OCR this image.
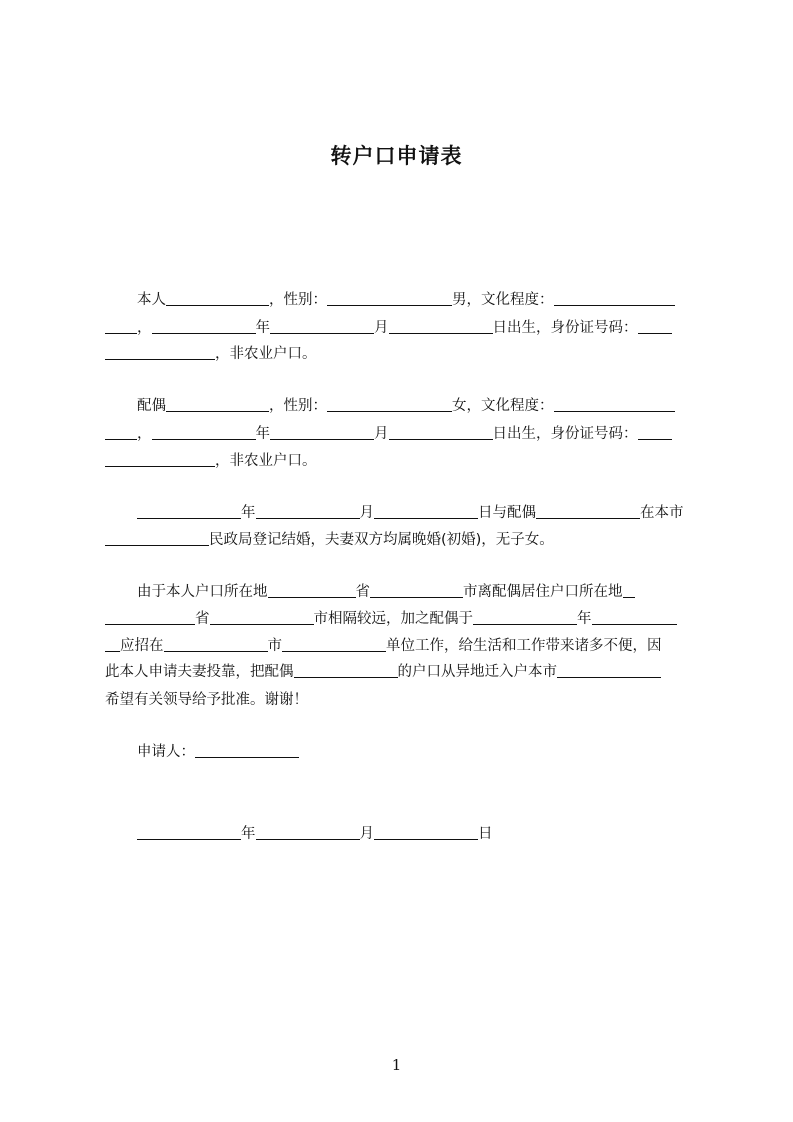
转户口申请表
本人	，性别：	男，文化程度：
，	年	月	日出生，身份证号码：
，非农业户口。
配偶	，性别：	女，文化程度：
，	年	月	日出生，身份证号码：
，非农业户口。
年	月	日与配偶	在本市
民政局登记结婚，夫妻双方均属晚婚(初婚)，无子女。
由于本人户口所在地	省	市离配偶居住户口所在地
省	市相隔较远，加之配偶于	年
应招在	市	单位工作，给生活和工作带来诸多不便，因
此本人申请夫妻投靠，把配偶	的户口从异地迁入户本市
希望有关领导给予批准。谢谢！
申请人：
年	月	日
1
